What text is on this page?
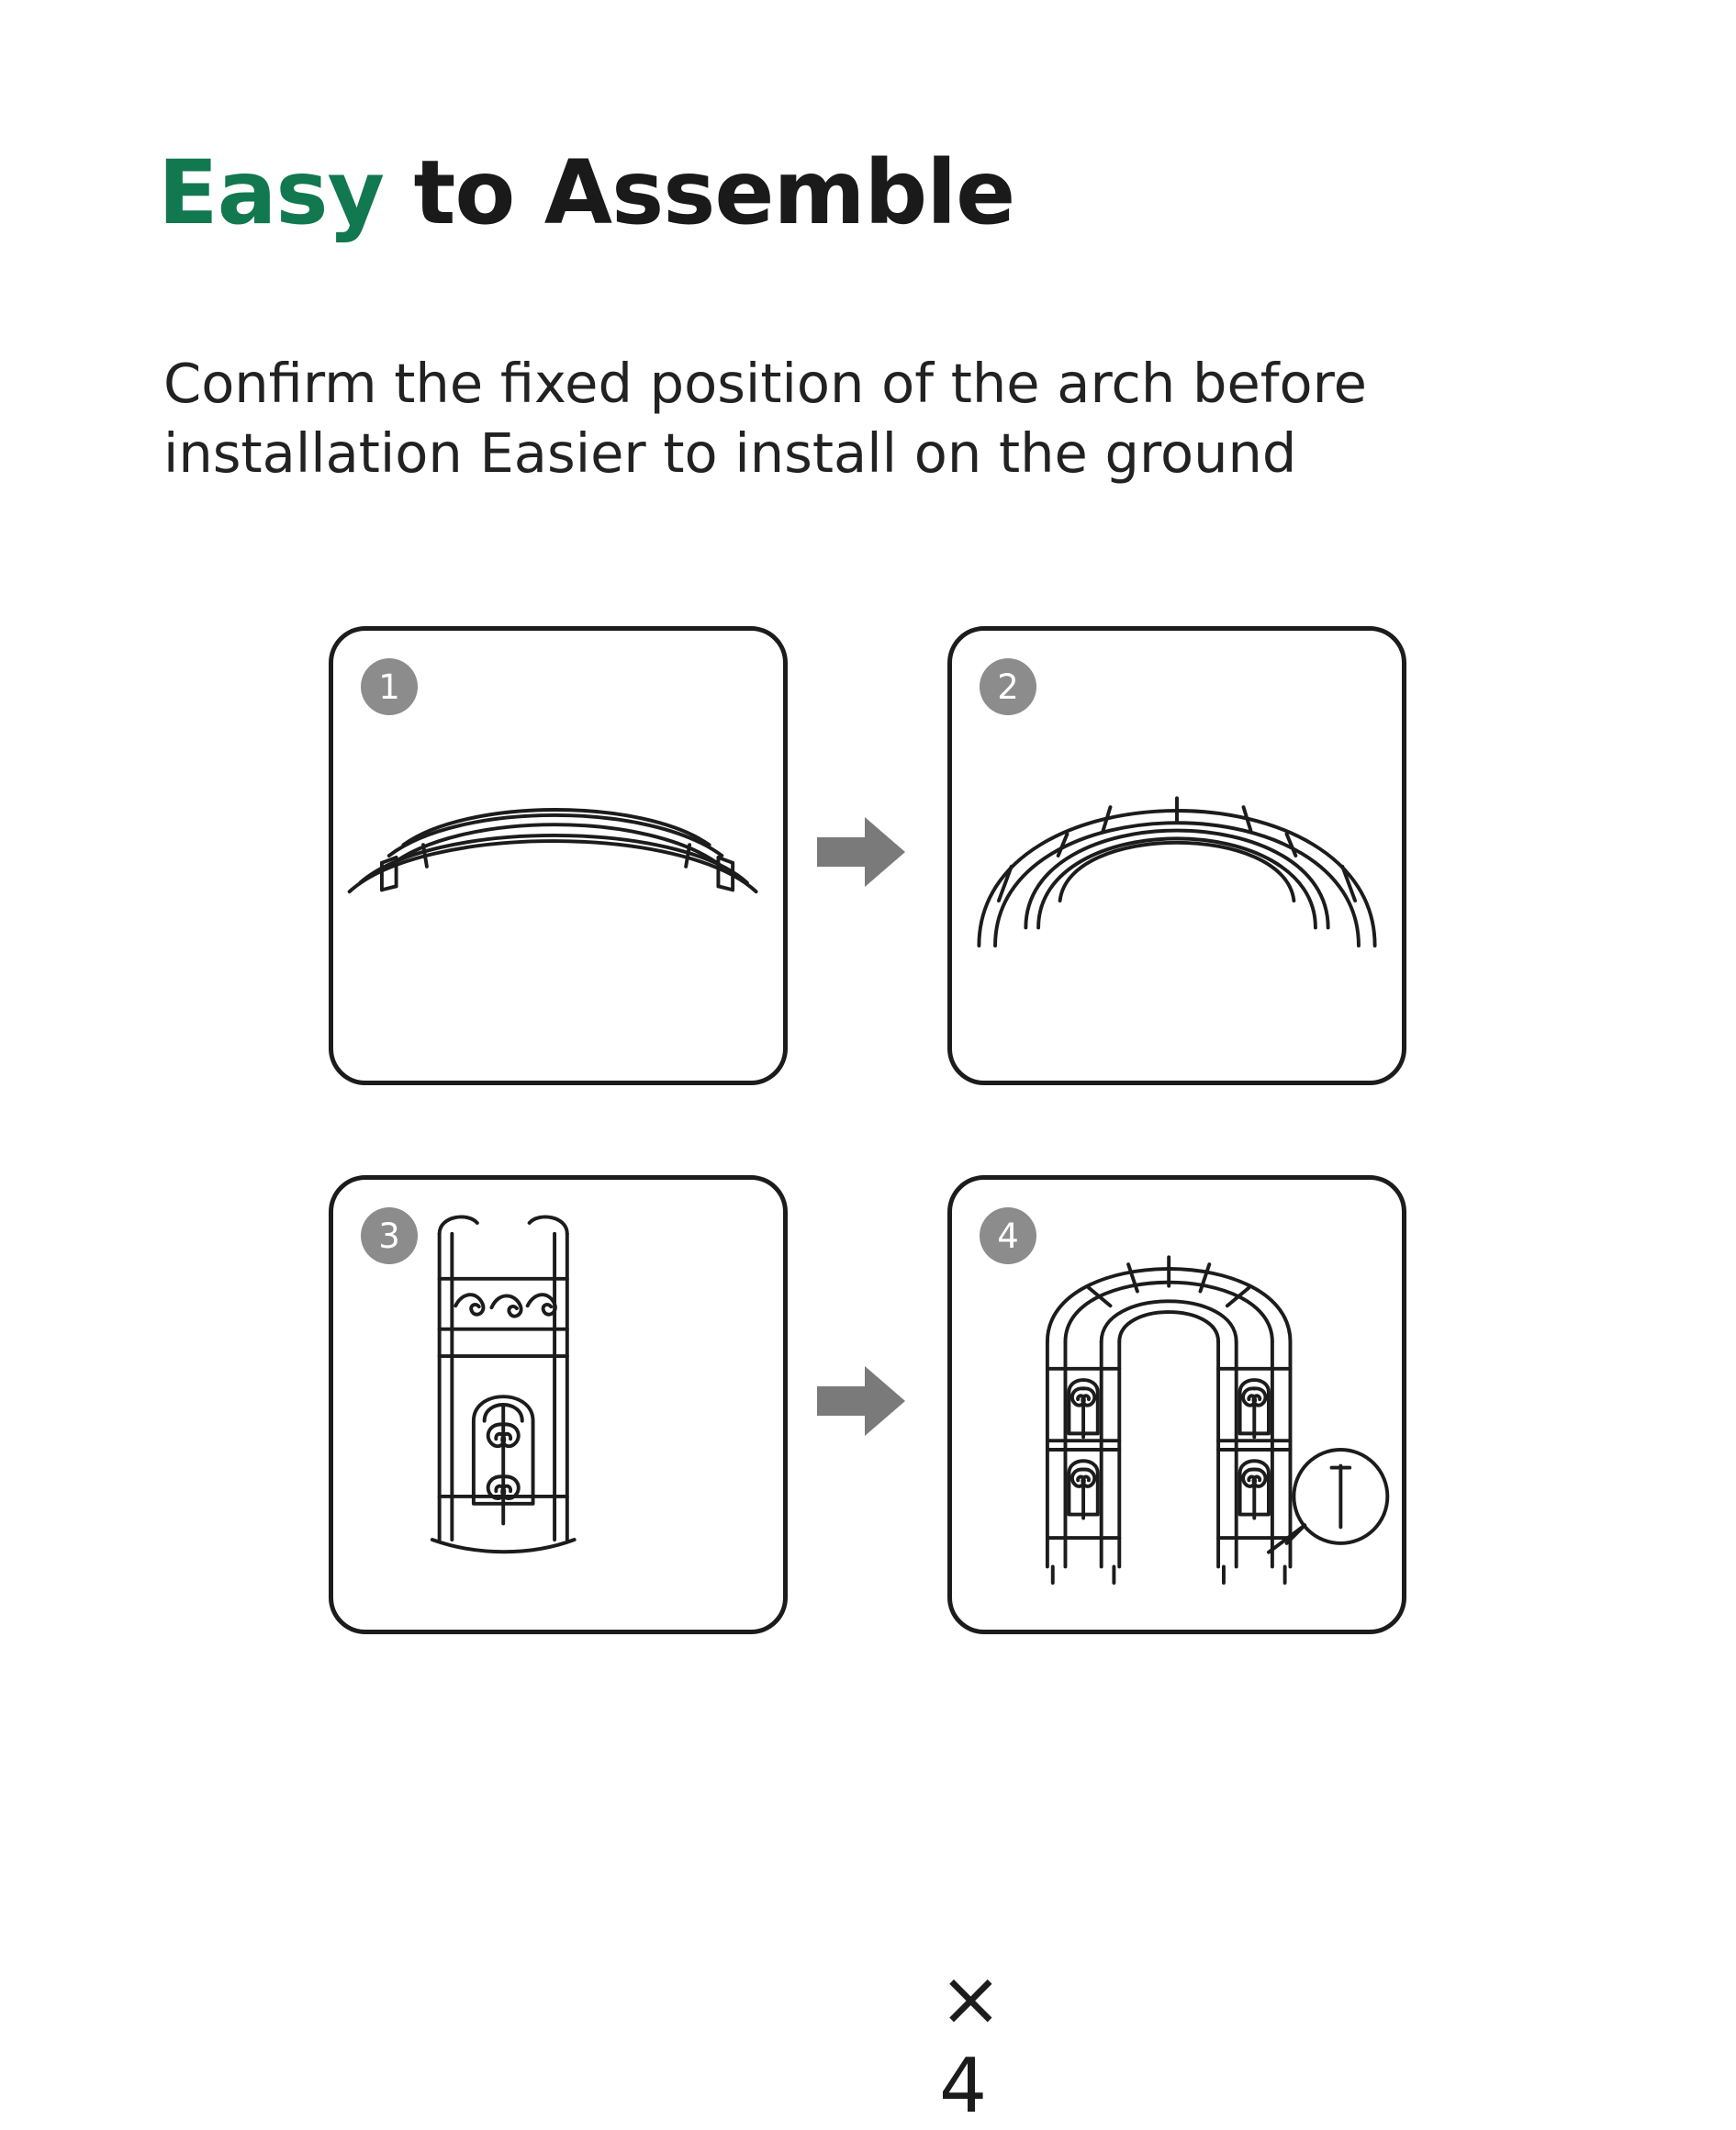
Easy to Assemble
Confirm the fixed position of the arch before installation Easier to install on the ground
1	2
3
× 4
4
